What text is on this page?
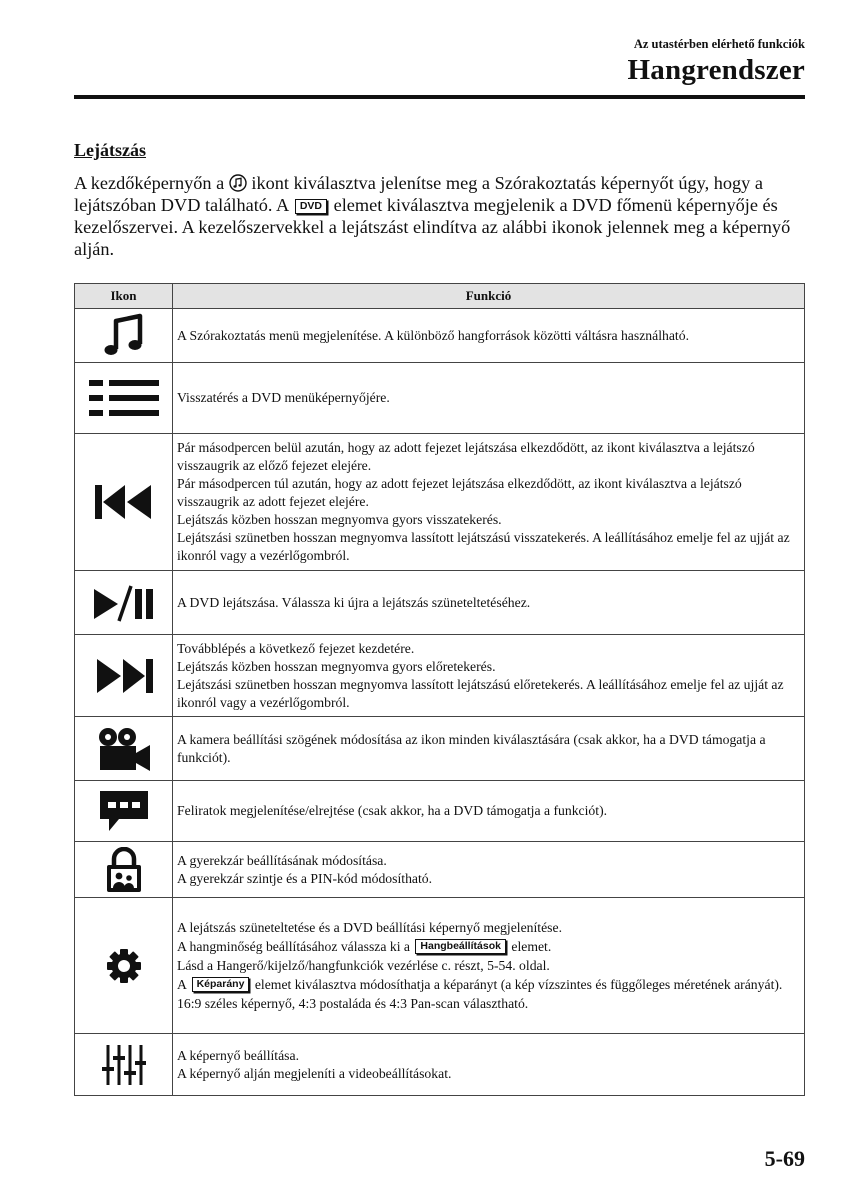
Az utastérben elérhető funkciók
Hangrendszer
Lejátszás
A kezdőképernyőn a ikont kiválasztva jelenítse meg a Szórakoztatás képernyőt úgy, hogy a lejátszóban DVD található. A DVD elemet kiválasztva megjelenik a DVD főmenü képernyője és kezelőszervei. A kezelőszervekkel a lejátszást elindítva az alábbi ikonok jelennek meg a képernyő alján.
Ikon	Funkció

A Szórakoztatás menü megjelenítése. A különböző hangforrások közötti váltásra használható.

Visszatérés a DVD menüképernyőjére.

Pár másodpercen belül azután, hogy az adott fejezet lejátszása elkezdődött, az ikont kiválasztva a lejátszó visszaugrik az előző fejezet elejére.
Pár másodpercen túl azután, hogy az adott fejezet lejátszása elkezdődött, az ikont kiválasztva a lejátszó visszaugrik az adott fejezet elejére.
Lejátszás közben hosszan megnyomva gyors visszatekerés.
Lejátszási szünetben hosszan megnyomva lassított lejátszású visszatekerés. A leállításához emelje fel az ujját az ikonról vagy a vezérlőgombról.

A DVD lejátszása. Válassza ki újra a lejátszás szüneteltetéséhez.

Továbblépés a következő fejezet kezdetére.
Lejátszás közben hosszan megnyomva gyors előretekerés.
Lejátszási szünetben hosszan megnyomva lassított lejátszású előretekerés. A leállításához emelje fel az ujját az ikonról vagy a vezérlőgombról.

A kamera beállítási szögének módosítása az ikon minden kiválasztására (csak akkor, ha a DVD támogatja a funkciót).

Feliratok megjelenítése/elrejtése (csak akkor, ha a DVD támogatja a funkciót).

A gyerekzár beállításának módosítása.
A gyerekzár szintje és a PIN-kód módosítható.

A lejátszás szüneteltetése és a DVD beállítási képernyő megjelenítése.
A hangminőség beállításához válassza ki a Hangbeállítások elemet.
Lásd a Hangerő/kijelző/hangfunkciók vezérlése c. részt, 5-54. oldal.
A Képarány elemet kiválasztva módosíthatja a képarányt (a kép vízszintes és függőleges méretének arányát).
16:9 széles képernyő, 4:3 postaláda és 4:3 Pan-scan választható.

A képernyő beállítása.
A képernyő alján megjeleníti a videobeállításokat.
5-69
